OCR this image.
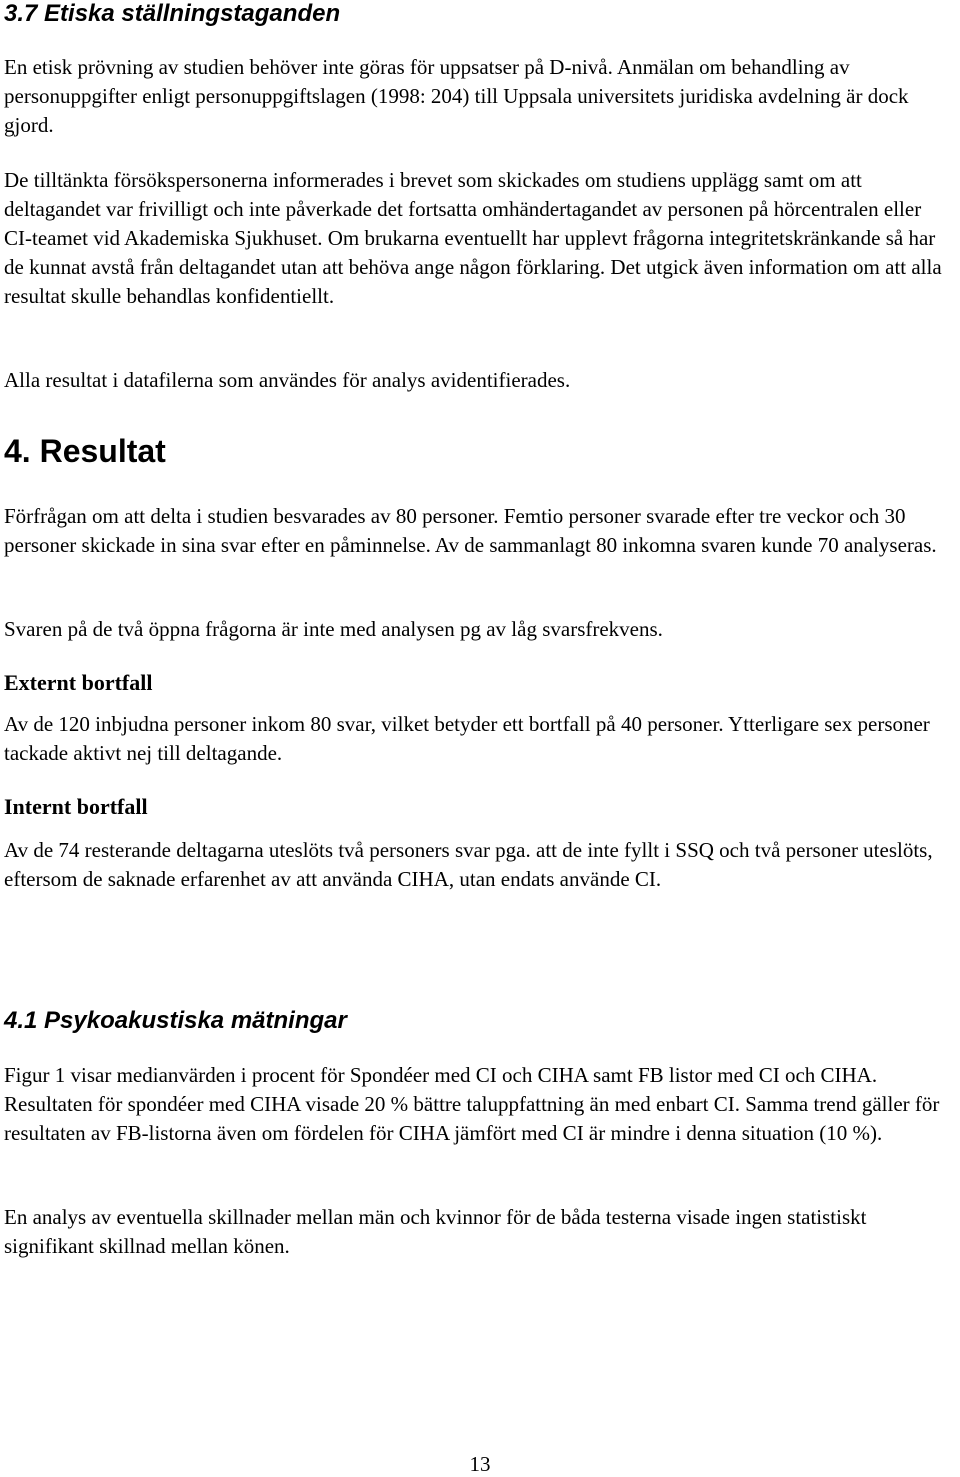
3.7 Etiska ställningstaganden

En etisk prövning av studien behöver inte göras för uppsatser på D-nivå. Anmälan om behandling av personuppgifter enligt personuppgiftslagen (1998: 204) till Uppsala universitets juridiska avdelning är dock gjord.

De tilltänkta försökspersonerna informerades i brevet som skickades om studiens upplägg samt om att deltagandet var frivilligt och inte påverkade det fortsatta omhändertagandet av personen på hörcentralen eller CI-teamet vid Akademiska Sjukhuset. Om brukarna eventuellt har upplevt frågorna integritetskränkande så har de kunnat avstå från deltagandet utan att behöva ange någon förklaring. Det utgick även information om att alla resultat skulle behandlas konfidentiellt.

Alla resultat i datafilerna som användes för analys avidentifierades.

4. Resultat

Förfrågan om att delta i studien besvarades av 80 personer. Femtio personer svarade efter tre veckor och 30 personer skickade in sina svar efter en påminnelse. Av de sammanlagt 80 inkomna svaren kunde 70 analyseras.

Svaren på de två öppna frågorna är inte med analysen pg av låg svarsfrekvens.

Externt bortfall

Av de 120 inbjudna personer inkom 80 svar, vilket betyder ett bortfall på 40 personer. Ytterligare sex personer tackade aktivt nej till deltagande.

Internt bortfall

Av de 74 resterande deltagarna uteslöts två personers svar pga. att de inte fyllt i SSQ och två personer uteslöts, eftersom de saknade erfarenhet av att använda CIHA, utan endats använde CI.

4.1 Psykoakustiska mätningar

Figur 1 visar medianvärden i procent för Spondéer med CI och CIHA samt FB listor med CI och CIHA. Resultaten för spondéer med CIHA visade 20 % bättre taluppfattning än med enbart CI. Samma trend gäller för resultaten av FB-listorna även om fördelen för CIHA jämfört med CI är mindre i denna situation (10 %).

En analys av eventuella skillnader mellan män och kvinnor för de båda testerna visade ingen statistiskt signifikant skillnad mellan könen.

13
